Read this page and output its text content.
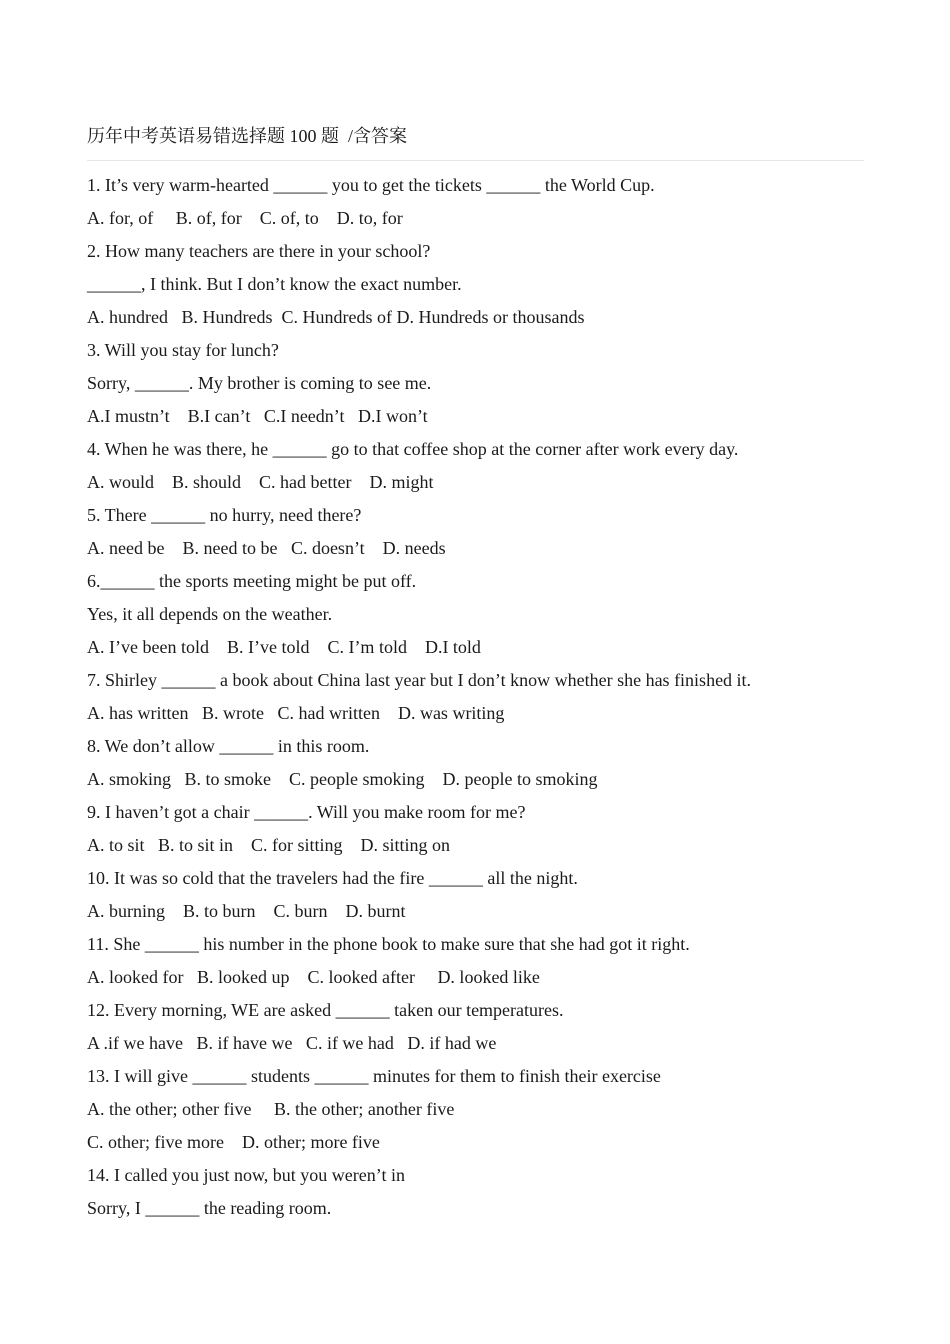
历年中考英语易错选择题 100 题  /含答案
1. It’s very warm-hearted ______ you to get the tickets ______ the World Cup.
A. for, of     B. of, for    C. of, to    D. to, for
2. How many teachers are there in your school?
______, I think. But I don’t know the exact number.
A. hundred   B. Hundreds  C. Hundreds of D. Hundreds or thousands
3. Will you stay for lunch?
Sorry, ______. My brother is coming to see me.
A.I mustn’t    B.I can’t   C.I needn’t   D.I won’t
4. When he was there, he ______ go to that coffee shop at the corner after work every day.
A. would    B. should    C. had better    D. might
5. There ______ no hurry, need there?
A. need be    B. need to be   C. doesn’t    D. needs
6.______ the sports meeting might be put off.
Yes, it all depends on the weather.
A. I’ve been told    B. I’ve told    C. I’m told    D.I told
7. Shirley ______ a book about China last year but I don’t know whether she has finished it.
A. has written   B. wrote   C. had written    D. was writing
8. We don’t allow ______ in this room.
A. smoking   B. to smoke    C. people smoking    D. people to smoking
9. I haven’t got a chair ______. Will you make room for me?
A. to sit   B. to sit in    C. for sitting    D. sitting on
10. It was so cold that the travelers had the fire ______ all the night.
A. burning    B. to burn    C. burn    D. burnt
11. She ______ his number in the phone book to make sure that she had got it right.
A. looked for   B. looked up    C. looked after     D. looked like
12. Every morning, WE are asked ______ taken our temperatures.
A .if we have   B. if have we   C. if we had   D. if had we
13. I will give ______ students ______ minutes for them to finish their exercise
A. the other; other five     B. the other; another five
C. other; five more    D. other; more five
14. I called you just now, but you weren’t in
Sorry, I ______ the reading room.
